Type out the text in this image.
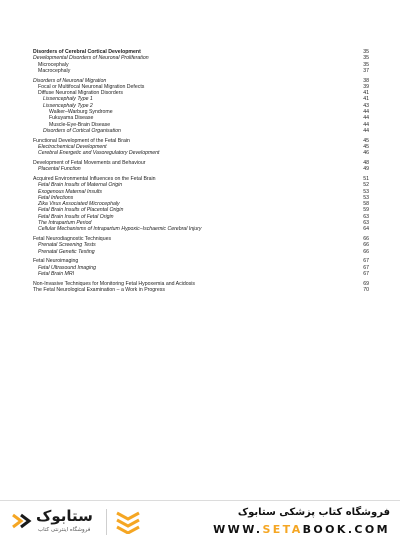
Disorders of Cerebral Cortical Development	35
Developmental Disorders of Neuronal Proliferation	35
Microcephaly	35
Macrocephaly	37
Disorders of Neuronal Migration	38
Focal or Multifocal Neuronal Migration Defects	39
Diffuse Neuronal Migration Disorders	41
Lissencephaly Type 1	41
Lissencephaly Type 2	43
Walker–Warburg Syndrome	44
Fukuyama Disease	44
Muscle-Eye-Brain Disease	44
Disorders of Cortical Organisation	44
Functional Development of the Fetal Brain	45
Electrochemical Development	45
Cerebral Energetic and Vasoregulatory Development	46
Development of Fetal Movements and Behaviour	48
Placental Function	49
Acquired Environmental Influences on the Fetal Brain	51
Fetal Brain Insults of Maternal Origin	52
Exogenous Maternal Insults	53
Fetal Infections	53
Zika Virus Associated Microcephaly	58
Fetal Brain Insults of Placental Origin	59
Fetal Brain Insults of Fetal Origin	63
The Intrapartum Period	63
Cellular Mechanisms of Intrapartum Hypoxic–Ischaemic Cerebral Injury	64
Fetal Neurodiagnostic Techniques	66
Prenatal Screening Tests	66
Prenatal Genetic Testing	66
Fetal Neuroimaging	67
Fetal Ultrasound Imaging	67
Fetal Brain MRI	67
Non-Invasive Techniques for Monitoring Fetal Hypoxemia and Acidosis	69
The Fetal Neurological Examination – a Work in Progress	70
ستابوک
فروشگاه اینترنتی کتاب
فروشگاه کتاب پزشکی ستابوک
WWW.SETABOOK.COM
